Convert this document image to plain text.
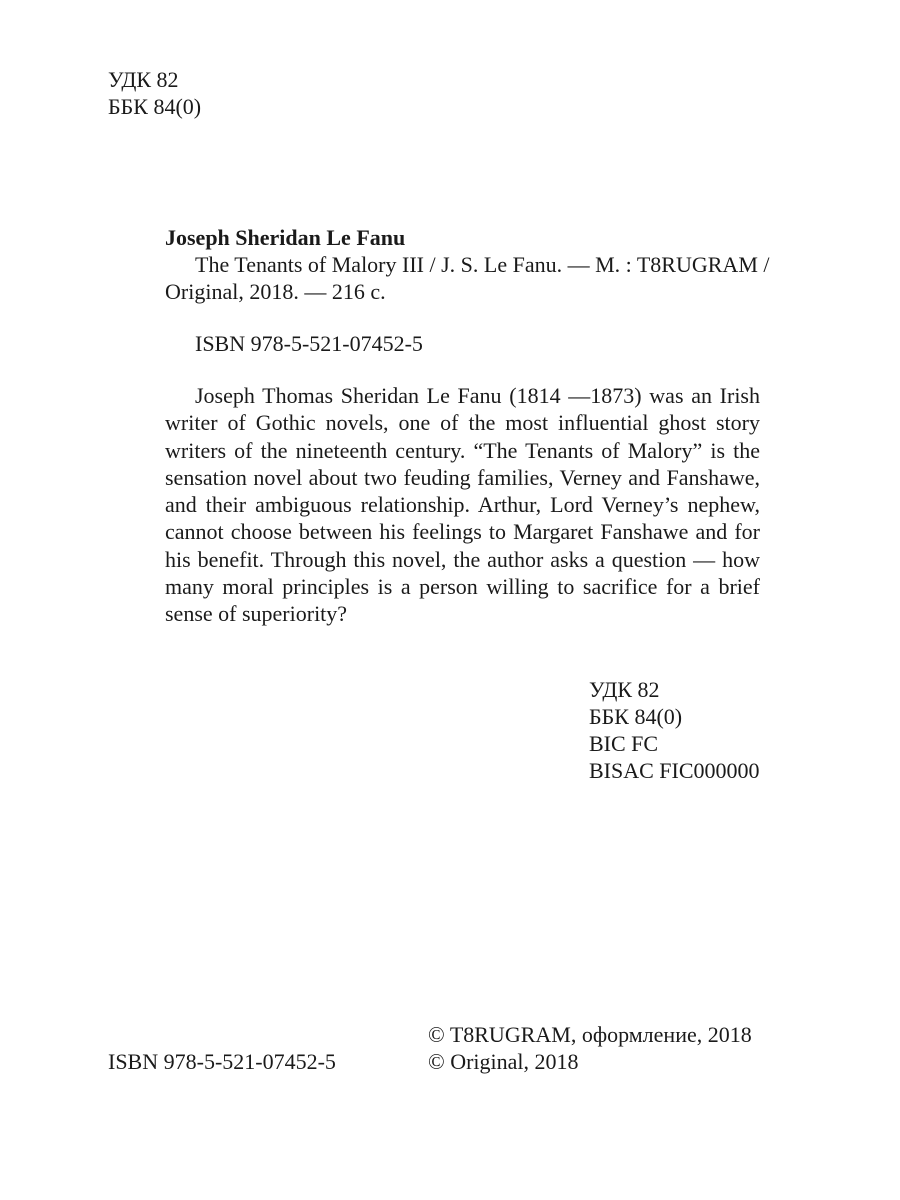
УДК 82
ББК 84(0)
Joseph Sheridan Le Fanu
The Tenants of Malory III / J. S. Le Fanu. — M. : T8RUGRAM /
Original, 2018. — 216 c.
ISBN 978-5-521-07452-5
Joseph Thomas Sheridan Le Fanu (1814 —1873) was an Irish writer of Gothic novels, one of the most influential ghost story writers of the nineteenth century. “The Tenants of Malory” is the sensation novel about two feuding families, Verney and Fanshawe, and their ambiguous relationship. Arthur, Lord Verney’s nephew, cannot choose between his feelings to Margaret Fanshawe and for his benefit. Through this novel, the author asks a question — how many moral principles is a person willing to sacrifice for a brief sense of superiority?
УДК 82
ББК 84(0)
BIC FC
BISAC FIC000000
© T8RUGRAM, оформление, 2018
© Original, 2018
ISBN 978-5-521-07452-5
